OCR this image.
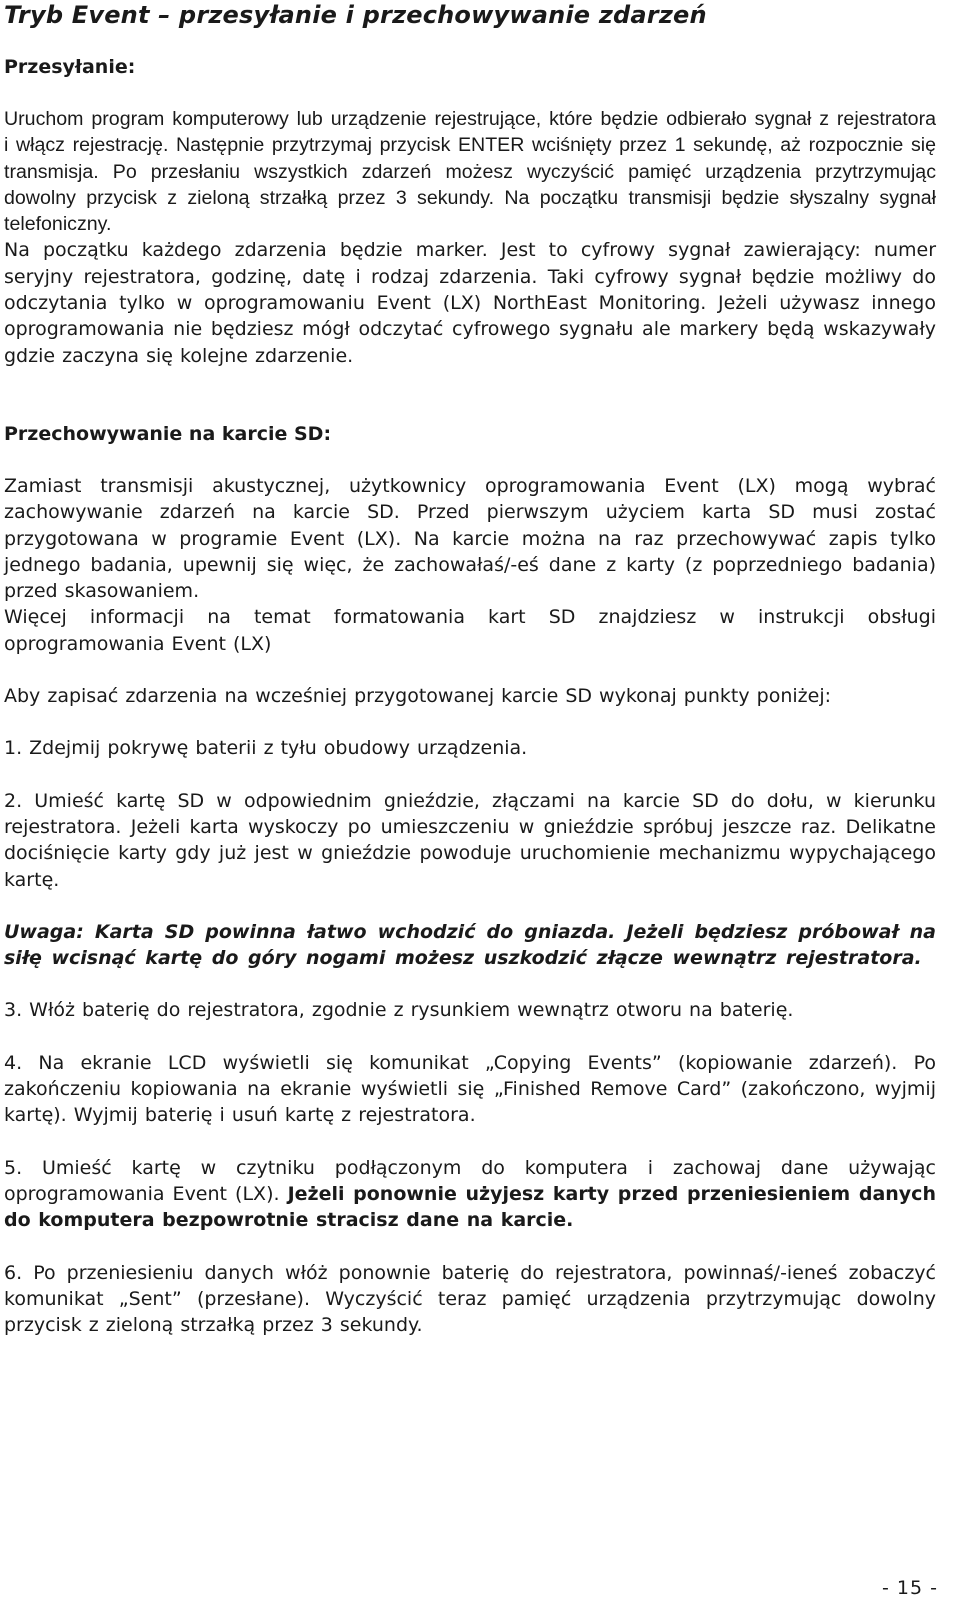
Tryb Event – przesyłanie i przechowywanie zdarzeń
Przesyłanie:

Uruchom program komputerowy lub urządzenie rejestrujące, które będzie odbierało sygnał z rejestratora i włącz rejestrację. Następnie przytrzymaj przycisk ENTER wciśnięty przez 1 sekundę, aż rozpocznie się transmisja. Po przesłaniu wszystkich zdarzeń możesz wyczyścić pamięć urządzenia przytrzymując dowolny przycisk z zieloną strzałką przez 3 sekundy. Na początku transmisji będzie słyszalny sygnał telefoniczny.

Na początku każdego zdarzenia będzie marker. Jest to cyfrowy sygnał zawierający: numer seryjny rejestratora, godzinę, datę i rodzaj zdarzenia. Taki cyfrowy sygnał będzie możliwy do odczytania tylko w oprogramowaniu Event (LX) NorthEast Monitoring. Jeżeli używasz innego oprogramowania nie będziesz mógł odczytać cyfrowego sygnału ale markery będą wskazywały gdzie zaczyna się kolejne zdarzenie.

Przechowywanie na karcie SD:

Zamiast transmisji akustycznej, użytkownicy oprogramowania Event (LX) mogą wybrać zachowywanie zdarzeń na karcie SD. Przed pierwszym użyciem karta SD musi zostać przygotowana w programie Event (LX). Na karcie można na raz przechowywać zapis tylko jednego badania, upewnij się więc, że zachowałaś/-eś dane z karty (z poprzedniego badania) przed skasowaniem.

Więcej informacji na temat formatowania kart SD znajdziesz w instrukcji obsługi oprogramowania Event (LX)

Aby zapisać zdarzenia na wcześniej przygotowanej karcie SD wykonaj punkty poniżej:

1. Zdejmij pokrywę baterii z tyłu obudowy urządzenia.

2. Umieść kartę SD w odpowiednim gnieździe, złączami na karcie SD do dołu, w kierunku rejestratora. Jeżeli karta wyskoczy po umieszczeniu w gnieździe spróbuj jeszcze raz. Delikatne dociśnięcie karty gdy już jest w gnieździe powoduje uruchomienie mechanizmu wypychającego kartę.

Uwaga: Karta SD powinna łatwo wchodzić do gniazda. Jeżeli będziesz próbował na siłę wcisnąć kartę do góry nogami możesz uszkodzić złącze wewnątrz rejestratora.

3. Włóż baterię do rejestratora, zgodnie z rysunkiem wewnątrz otworu na baterię.

4. Na ekranie LCD wyświetli się komunikat „Copying Events” (kopiowanie zdarzeń). Po zakończeniu kopiowania na ekranie wyświetli się „Finished Remove Card” (zakończono, wyjmij kartę). Wyjmij baterię i usuń kartę z rejestratora.

5. Umieść kartę w czytniku podłączonym do komputera i zachowaj dane używając oprogramowania Event (LX). Jeżeli ponownie użyjesz karty przed przeniesieniem danych do komputera bezpowrotnie stracisz dane na karcie.

6. Po przeniesieniu danych włóż ponownie baterię do rejestratora, powinnaś/-ieneś zobaczyć komunikat „Sent” (przesłane). Wyczyścić teraz pamięć urządzenia przytrzymując dowolny przycisk z zieloną strzałką przez 3 sekundy.

- 15 -
